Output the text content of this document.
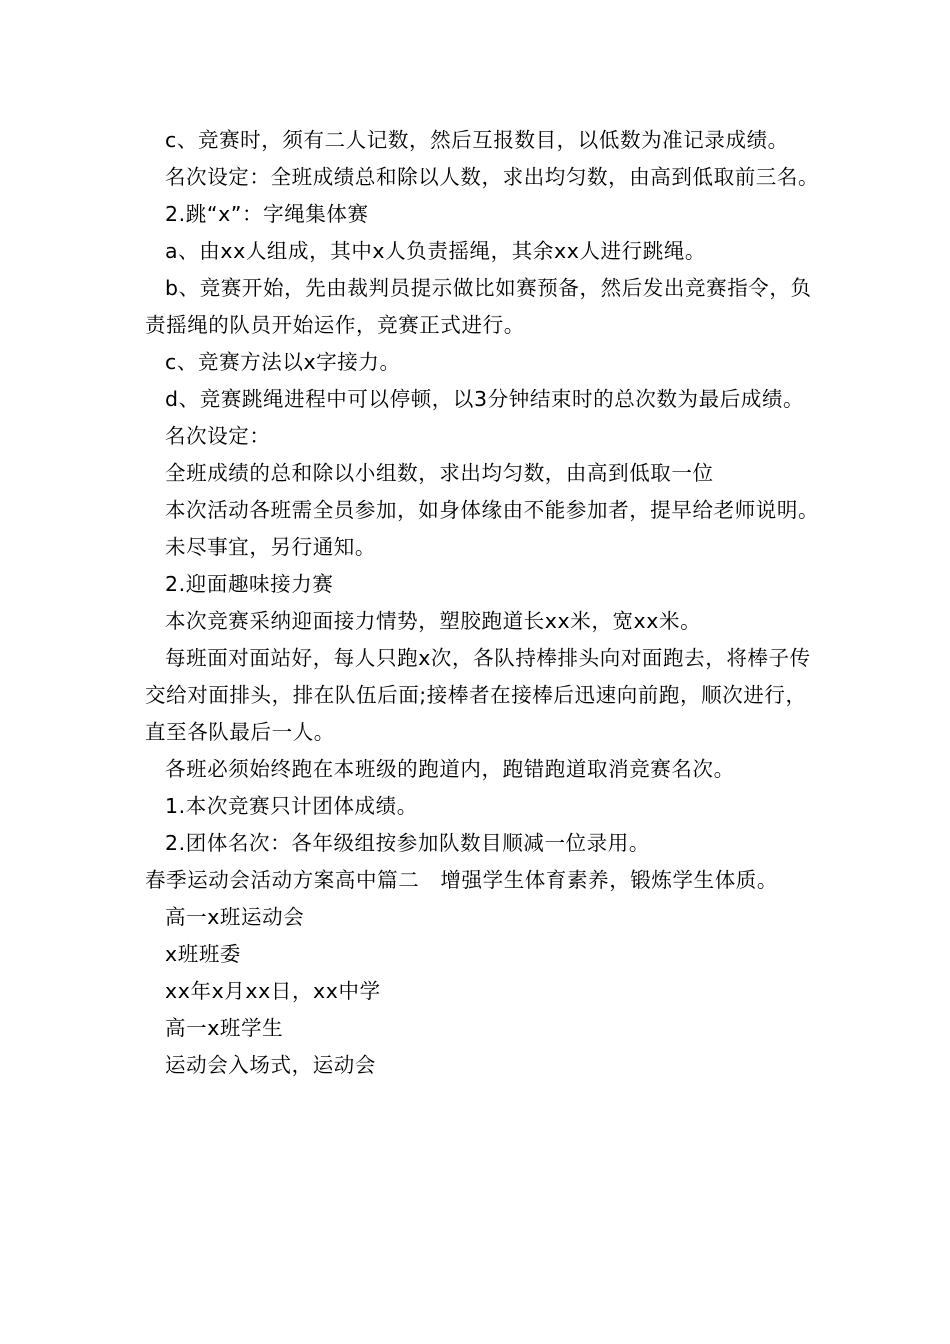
c、竞赛时，须有二人记数，然后互报数目，以低数为准记录成绩。

名次设定：全班成绩总和除以人数，求出均匀数，由高到低取前三名。

2.跳“x”：字绳集体赛

a、由xx人组成，其中x人负责摇绳，其余xx人进行跳绳。

b、竞赛开始，先由裁判员提示做比如赛预备，然后发出竞赛指令，负责摇绳的队员开始运作，竞赛正式进行。

c、竞赛方法以x字接力。

d、竞赛跳绳进程中可以停顿，以3分钟结束时的总次数为最后成绩。

名次设定：

全班成绩的总和除以小组数，求出均匀数，由高到低取一位

本次活动各班需全员参加，如身体缘由不能参加者，提早给老师说明。

未尽事宜，另行通知。

2.迎面趣味接力赛

本次竞赛采纳迎面接力情势，塑胶跑道长xx米，宽xx米。

每班面对面站好，每人只跑x次，各队持棒排头向对面跑去，将棒子传交给对面排头，排在队伍后面;接棒者在接棒后迅速向前跑，顺次进行，直至各队最后一人。

各班必须始终跑在本班级的跑道内，跑错跑道取消竞赛名次。

1.本次竞赛只计团体成绩。

2.团体名次：各年级组按参加队数目顺减一位录用。

春季运动会活动方案高中篇二　增强学生体育素养，锻炼学生体质。

高一x班运动会

x班班委

xx年x月xx日，xx中学

高一x班学生

运动会入场式，运动会
